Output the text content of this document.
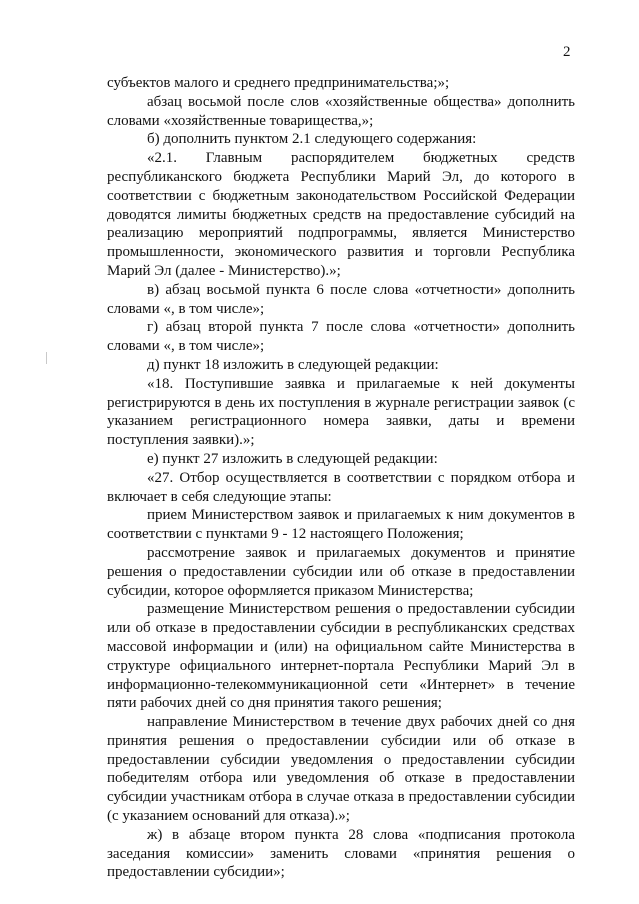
2

субъектов малого и среднего предпринимательства;»;

абзац восьмой после слов «хозяйственные общества» дополнить словами «хозяйственные товарищества,»;

б) дополнить пунктом 2.1 следующего содержания:

«2.1. Главным распорядителем бюджетных средств республиканского бюджета Республики Марий Эл, до которого в соответствии с бюджетным законодательством Российской Федерации доводятся лимиты бюджетных средств на предоставление субсидий на реализацию мероприятий подпрограммы, является Министерство промышленности, экономического развития и торговли Республика Марий Эл (далее - Министерство).»;

в) абзац восьмой пункта 6 после слова «отчетности» дополнить словами «, в том числе»;

г) абзац второй пункта 7 после слова «отчетности» дополнить словами «, в том числе»;

д) пункт 18 изложить в следующей редакции:

«18. Поступившие заявка и прилагаемые к ней документы регистрируются в день их поступления в журнале регистрации заявок (с указанием регистрационного номера заявки, даты и времени поступления заявки).»;

е) пункт 27 изложить в следующей редакции:

«27. Отбор осуществляется в соответствии с порядком отбора и включает в себя следующие этапы:

прием Министерством заявок и прилагаемых к ним документов в соответствии с пунктами 9 - 12 настоящего Положения;

рассмотрение заявок и прилагаемых документов и принятие решения о предоставлении субсидии или об отказе в предоставлении субсидии, которое оформляется приказом Министерства;

размещение Министерством решения о предоставлении субсидии или об отказе в предоставлении субсидии в республиканских средствах массовой информации и (или) на официальном сайте Министерства в структуре официального интернет-портала Республики Марий Эл в информационно-телекоммуникационной сети «Интернет» в течение пяти рабочих дней со дня принятия такого решения;

направление Министерством в течение двух рабочих дней со дня принятия решения о предоставлении субсидии или об отказе в предоставлении субсидии уведомления о предоставлении субсидии победителям отбора или уведомления об отказе в предоставлении субсидии участникам отбора в случае отказа в предоставлении субсидии (с указанием оснований для отказа).»;

ж) в абзаце втором пункта 28 слова «подписания протокола заседания комиссии» заменить словами «принятия решения о предоставлении субсидии»;
